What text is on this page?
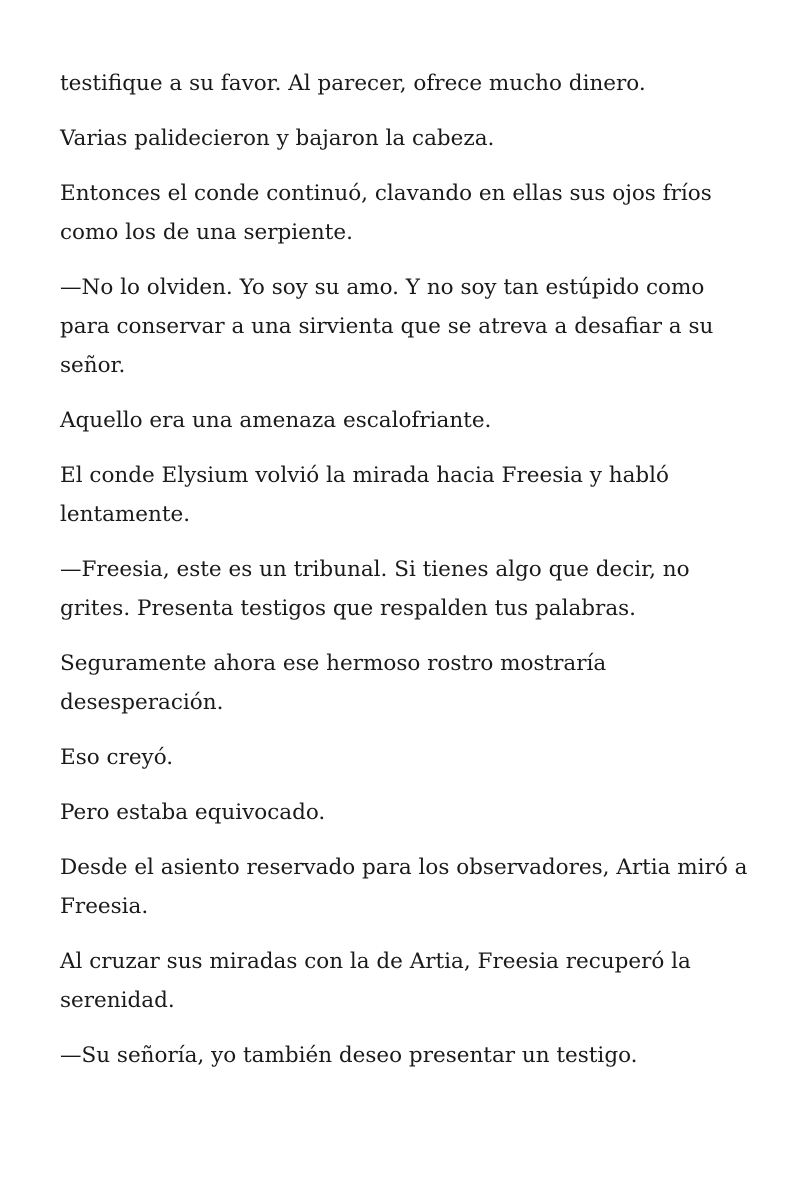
testifique a su favor. Al parecer, ofrece mucho dinero.

Varias palidecieron y bajaron la cabeza.

Entonces el conde continuó, clavando en ellas sus ojos fríos como los de una serpiente.

—No lo olviden. Yo soy su amo. Y no soy tan estúpido como para conservar a una sirvienta que se atreva a desafiar a su señor.

Aquello era una amenaza escalofriante.

El conde Elysium volvió la mirada hacia Freesia y habló lentamente.

—Freesia, este es un tribunal. Si tienes algo que decir, no grites. Presenta testigos que respalden tus palabras.

Seguramente ahora ese hermoso rostro mostraría desesperación.

Eso creyó.

Pero estaba equivocado.

Desde el asiento reservado para los observadores, Artia miró a Freesia.

Al cruzar sus miradas con la de Artia, Freesia recuperó la serenidad.

—Su señoría, yo también deseo presentar un testigo.
